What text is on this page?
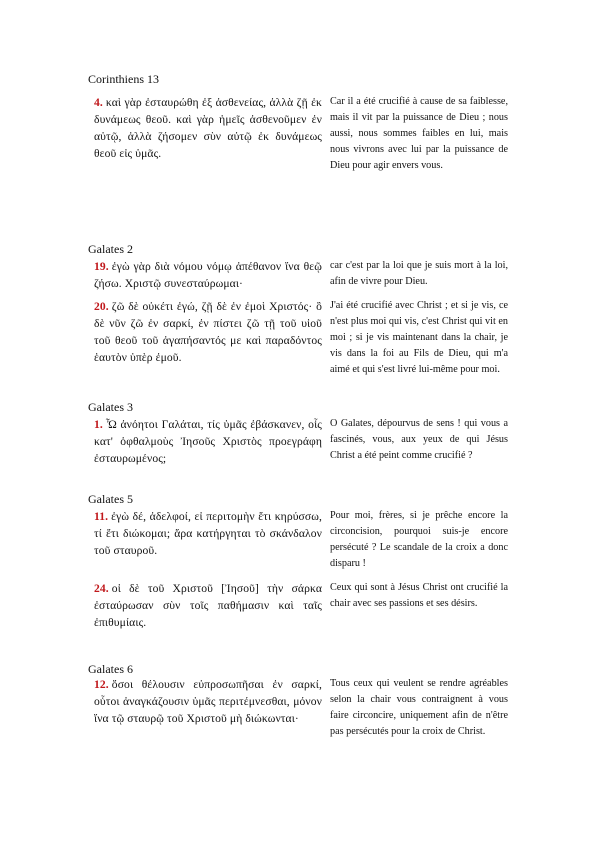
Corinthiens 13
4. καὶ γὰρ ἐσταυρώθη ἐξ ἀσθενείας, ἀλλὰ ζῇ ἐκ δυνάμεως θεοῦ. καὶ γὰρ ἡμεῖς ἀσθενοῦμεν ἐν αὐτῷ, ἀλλὰ ζήσομεν σὺν αὐτῷ ἐκ δυνάμεως θεοῦ εἰς ὑμᾶς.
Car il a été crucifié à cause de sa faiblesse, mais il vit par la puissance de Dieu ; nous aussi, nous sommes faibles en lui, mais nous vivrons avec lui par la puissance de Dieu pour agir envers vous.
Galates 2
19. ἐγὼ γὰρ διὰ νόμου νόμῳ ἀπέθανον ἵνα θεῷ ζήσω. Χριστῷ συνεσταύρωμαι·
car c'est par la loi que je suis mort à la loi, afin de vivre pour Dieu.
20. ζῶ δὲ οὐκέτι ἐγώ, ζῇ δὲ ἐν ἐμοὶ Χριστός· ὃ δὲ νῦν ζῶ ἐν σαρκί, ἐν πίστει ζῶ τῇ τοῦ υἱοῦ τοῦ θεοῦ τοῦ ἀγαπήσαντός με καὶ παραδόντος ἑαυτὸν ὑπὲρ ἐμοῦ.
J'ai été crucifié avec Christ ; et si je vis, ce n'est plus moi qui vis, c'est Christ qui vit en moi ; si je vis maintenant dans la chair, je vis dans la foi au Fils de Dieu, qui m'a aimé et qui s'est livré lui-même pour moi.
Galates 3
1. Ὦ ἀνόητοι Γαλάται, τίς ὑμᾶς ἐβάσκανεν, οἷς κατ' ὀφθαλμοὺς Ἰησοῦς Χριστὸς προεγράφη ἐσταυρωμένος;
O Galates, dépourvus de sens ! qui vous a fascinés, vous, aux yeux de qui Jésus Christ a été peint comme crucifié ?
Galates 5
11. ἐγὼ δέ, ἀδελφοί, εἰ περιτομὴν ἔτι κηρύσσω, τί ἔτι διώκομαι; ἄρα κατήργηται τὸ σκάνδαλον τοῦ σταυροῦ.
Pour moi, frères, si je prêche encore la circoncision, pourquoi suis-je encore persécuté ? Le scandale de la croix a donc disparu !
24. οἱ δὲ τοῦ Χριστοῦ [Ἰησοῦ] τὴν σάρκα ἐσταύρωσαν σὺν τοῖς παθήμασιν καὶ ταῖς ἐπιθυμίαις.
Ceux qui sont à Jésus Christ ont crucifié la chair avec ses passions et ses désirs.
Galates 6
12. ὅσοι θέλουσιν εὐπροσωπῆσαι ἐν σαρκί, οὗτοι ἀναγκάζουσιν ὑμᾶς περιτέμνεσθαι, μόνον ἵνα τῷ σταυρῷ τοῦ Χριστοῦ μὴ διώκωνται·
Tous ceux qui veulent se rendre agréables selon la chair vous contraignent à vous faire circoncire, uniquement afin de n'être pas persécutés pour la croix de Christ.
